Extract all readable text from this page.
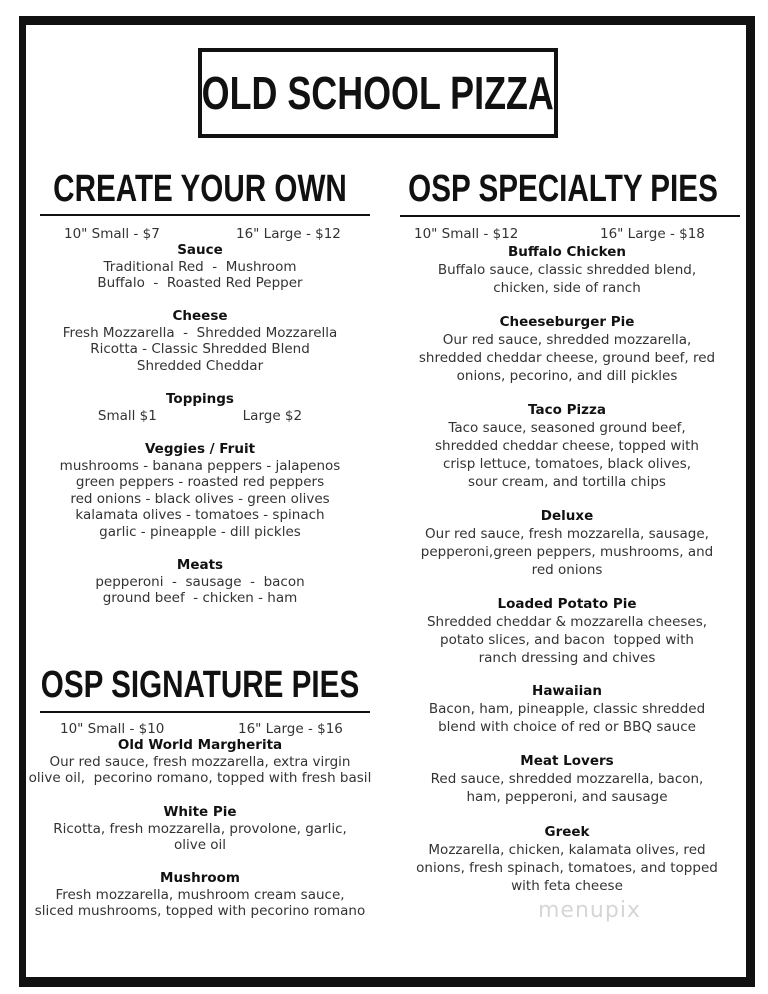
OLD SCHOOL PIZZA
CREATE YOUR OWN
10" Small - $7	16" Large - $12
Sauce
Traditional Red  -  Mushroom
Buffalo  -  Roasted Red Pepper
Cheese
Fresh Mozzarella  -  Shredded Mozzarella
Ricotta - Classic Shredded Blend
Shredded Cheddar
Toppings
Small $1                    Large $2
Veggies / Fruit
mushrooms - banana peppers - jalapenos
green peppers - roasted red peppers
red onions - black olives - green olives
kalamata olives - tomatoes - spinach
garlic - pineapple - dill pickles
Meats
pepperoni  -  sausage  -  bacon
ground beef  - chicken - ham
OSP SIGNATURE PIES
10" Small - $10	16" Large - $16
Old World Margherita
Our red sauce, fresh mozzarella, extra virgin
olive oil,  pecorino romano, topped with fresh basil
White Pie
Ricotta, fresh mozzarella, provolone, garlic,
olive oil
Mushroom
Fresh mozzarella, mushroom cream sauce,
sliced mushrooms, topped with pecorino romano
OSP SPECIALTY PIES
10" Small - $12	16" Large - $18
Buffalo Chicken
Buffalo sauce, classic shredded blend,
chicken, side of ranch
Cheeseburger Pie
Our red sauce, shredded mozzarella,
shredded cheddar cheese, ground beef, red
onions, pecorino, and dill pickles
Taco Pizza
Taco sauce, seasoned ground beef,
shredded cheddar cheese, topped with
crisp lettuce, tomatoes, black olives,
sour cream, and tortilla chips
Deluxe
Our red sauce, fresh mozzarella, sausage,
pepperoni,green peppers, mushrooms, and
red onions
Loaded Potato Pie
Shredded cheddar & mozzarella cheeses,
potato slices, and bacon  topped with
ranch dressing and chives
Hawaiian
Bacon, ham, pineapple, classic shredded
blend with choice of red or BBQ sauce
Meat Lovers
Red sauce, shredded mozzarella, bacon,
ham, pepperoni, and sausage
Greek
Mozzarella, chicken, kalamata olives, red
onions, fresh spinach, tomatoes, and topped
with feta cheese
menupix
